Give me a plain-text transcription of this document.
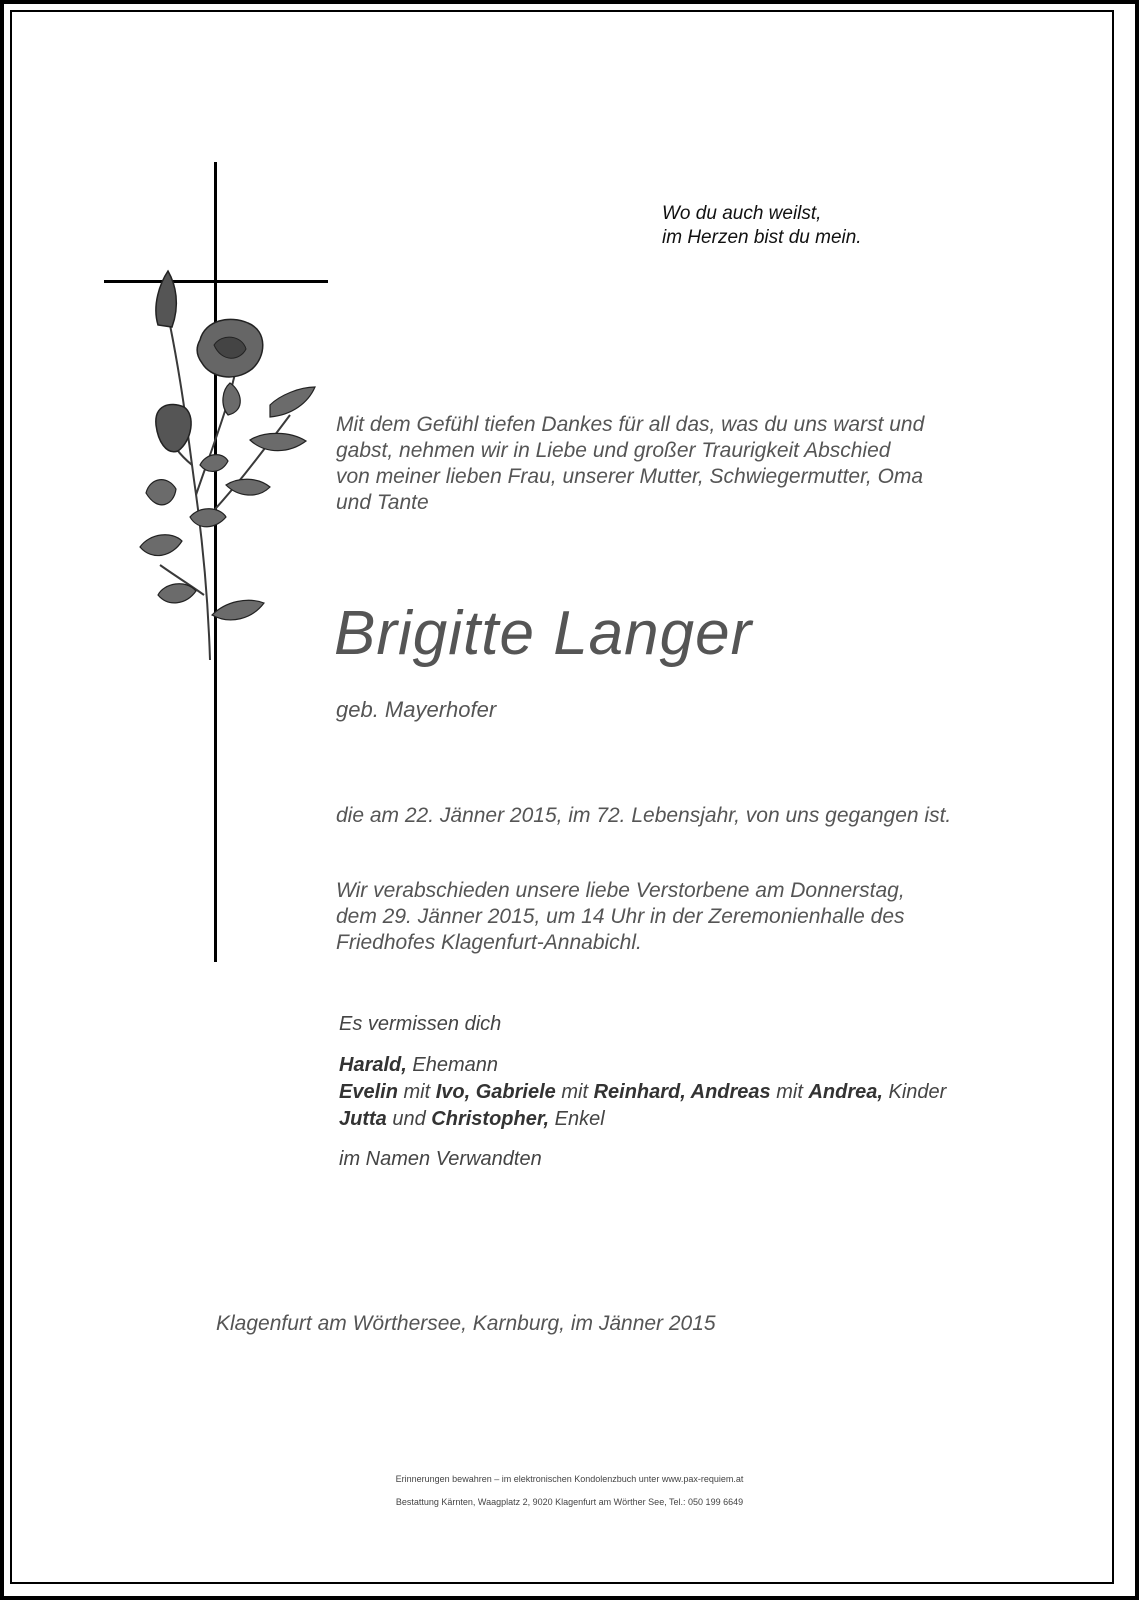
Wo du auch weilst,
im Herzen bist du mein.
Mit dem Gefühl tiefen Dankes für all das, was du uns warst und
gabst, nehmen wir in Liebe und großer Traurigkeit Abschied
von meiner lieben Frau, unserer Mutter, Schwiegermutter, Oma
und Tante
Brigitte Langer
geb. Mayerhofer
die am 22. Jänner 2015, im 72. Lebensjahr, von uns gegangen ist.
Wir verabschieden unsere liebe Verstorbene am Donnerstag,
dem 29. Jänner 2015, um 14 Uhr in der Zeremonienhalle des
Friedhofes Klagenfurt-Annabichl.
Es vermissen dich
Harald, Ehemann
Evelin mit Ivo, Gabriele mit Reinhard, Andreas mit Andrea, Kinder
Jutta und Christopher, Enkel
im Namen Verwandten
Klagenfurt am Wörthersee, Karnburg, im Jänner 2015

Erinnerungen bewahren – im elektronischen Kondolenzbuch unter www.pax-requiem.at

Bestattung Kärnten, Waagplatz 2, 9020 Klagenfurt am Wörther See, Tel.: 050 199 6649
